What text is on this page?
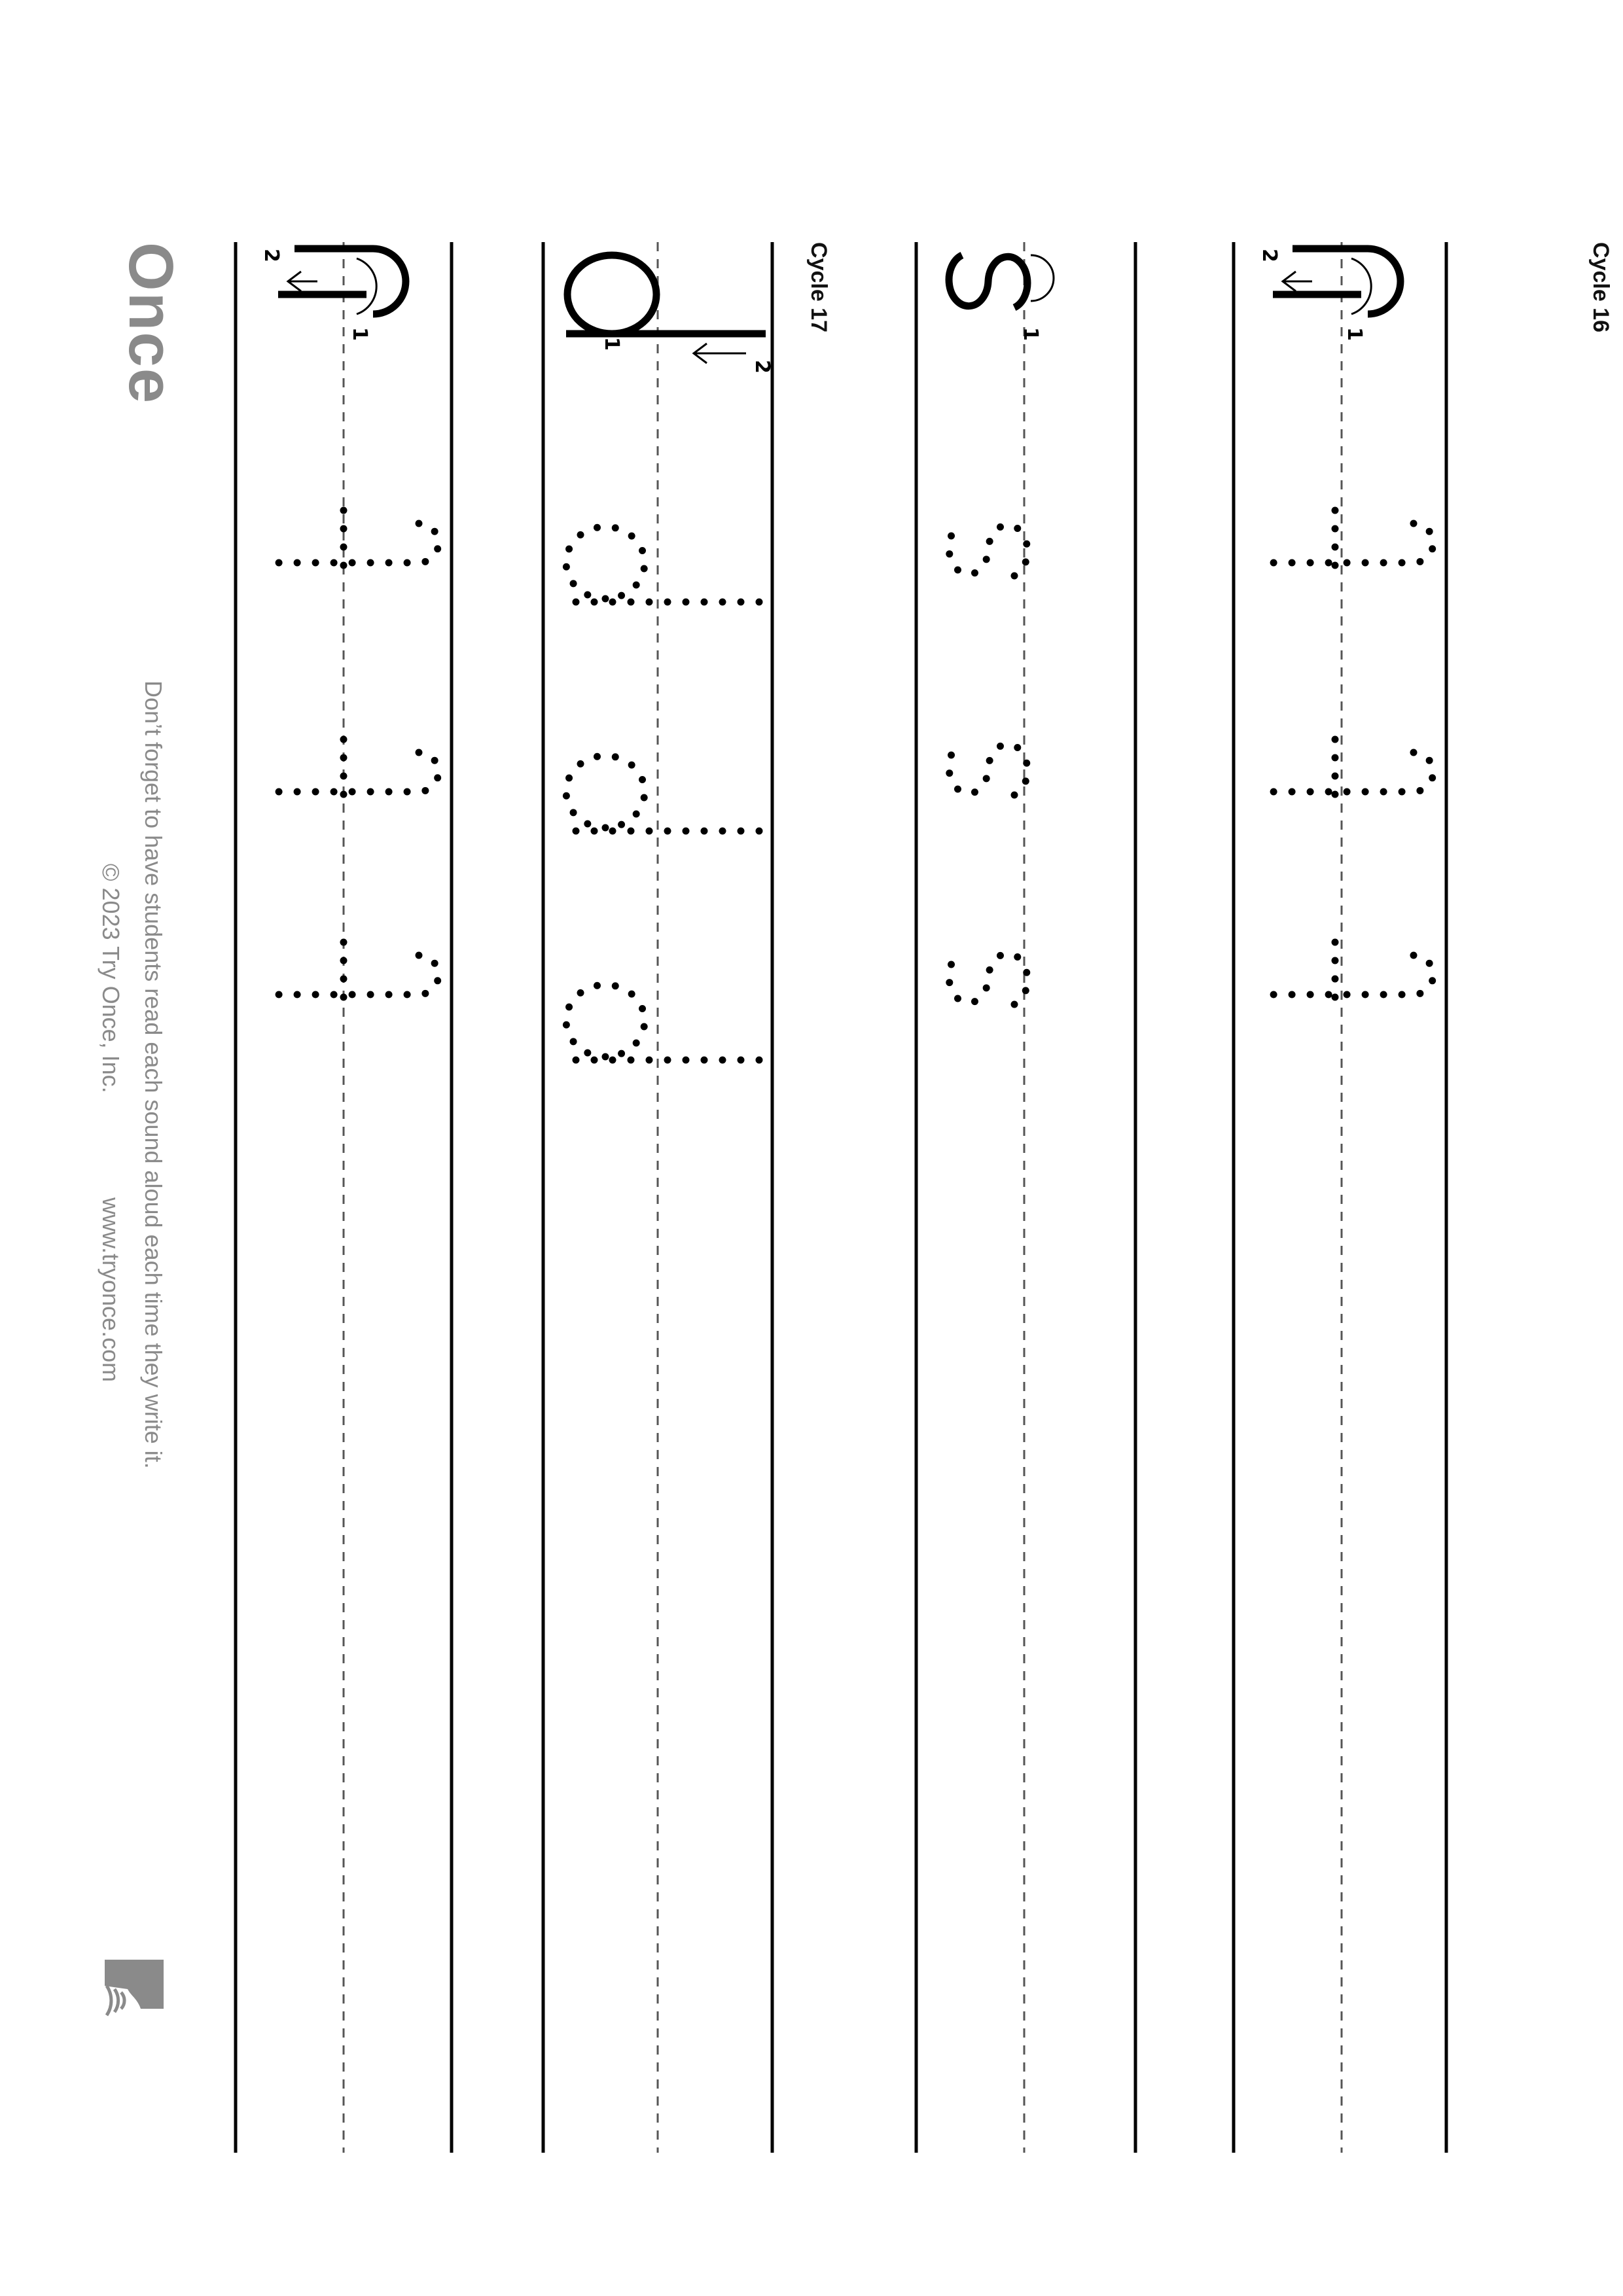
Cycle 16
Cycle 17
1
2
1
1
2
1
2
Once
Don’t forget to have students read each sound aloud each time they write it.
© 2023 Try Once, Inc.
www.tryonce.com
